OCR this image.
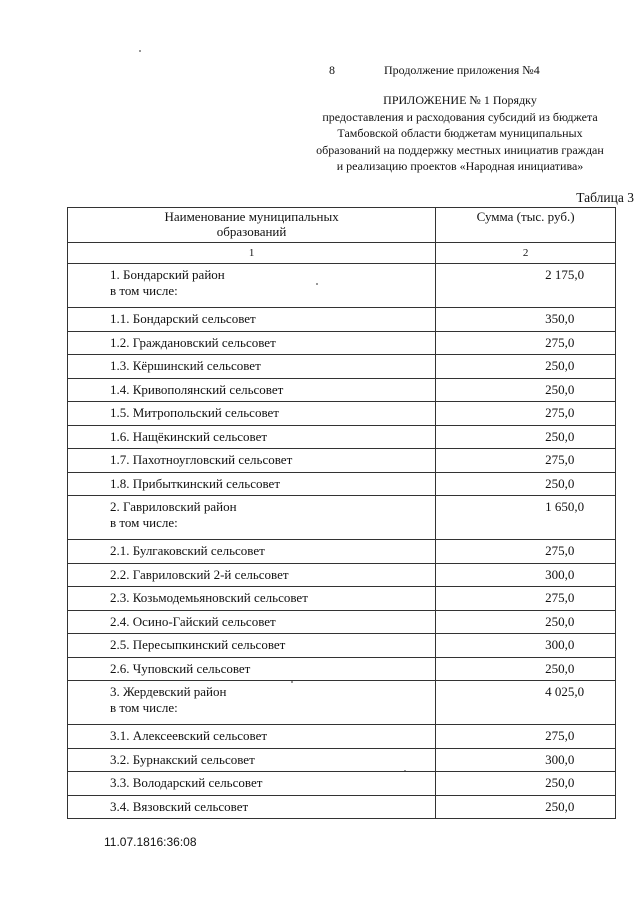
8	Продолжение приложения №4
ПРИЛОЖЕНИЕ № 1 Порядку
предоставления и расходования субсидий из бюджета
Тамбовской области бюджетам муниципальных
образований на поддержку местных инициатив граждан
и реализацию проектов «Народная инициатива»
Таблица 3
Наименование муниципальных
образований	Сумма (тыс. руб.)
1	2

1. Бондарский район
в том числе:	2 175,0

1.1. Бондарский сельсовет	350,0

1.2. Граждановский сельсовет	275,0

1.3. Кёршинский сельсовет	250,0

1.4. Кривополянский сельсовет	250,0

1.5. Митропольский сельсовет	275,0

1.6. Нащёкинский сельсовет	250,0

1.7. Пахотноугловский сельсовет	275,0

1.8. Прибыткинский сельсовет	250,0

2. Гавриловский район
в том числе:	1 650,0

2.1. Булгаковский сельсовет	275,0

2.2. Гавриловский 2-й сельсовет	300,0

2.3. Козьмодемьяновский сельсовет	275,0

2.4. Осино-Гайский сельсовет	250,0

2.5. Пересыпкинский сельсовет	300,0

2.6. Чуповский сельсовет	250,0

3. Жердевский район
в том числе:	4 025,0

3.1. Алексеевский сельсовет	275,0

3.2. Бурнакский сельсовет	300,0

3.3. Володарский сельсовет	250,0

3.4. Вязовский сельсовет	250,0
11.07.1816:36:08
